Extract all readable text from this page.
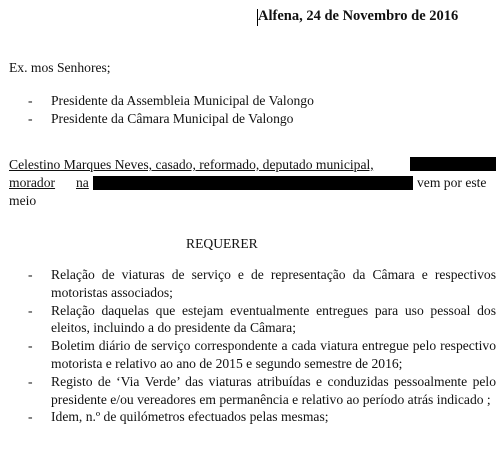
Alfena, 24 de Novembro de 2016
Ex. mos Senhores;
-	Presidente da Assembleia Municipal de Valongo
-	Presidente da Câmara Municipal de Valongo
Celestino Marques Neves, casado, reformado, deputado municipal,
morador na	vem por este
meio
REQUERER
- Relação de viaturas de serviço e de representação da Câmara e respectivos motoristas associados;
- Relação daquelas que estejam eventualmente entregues para uso pessoal dos eleitos, incluindo a do presidente da Câmara;
- Boletim diário de serviço correspondente a cada viatura entregue pelo respectivo motorista e relativo ao ano de 2015 e segundo semestre de 2016;
- Registo de ‘Via Verde’ das viaturas atribuídas e conduzidas pessoalmente pelo presidente e/ou vereadores em permanência e relativo ao período atrás indicado ;
- Idem, n.º de quilómetros efectuados pelas mesmas;
